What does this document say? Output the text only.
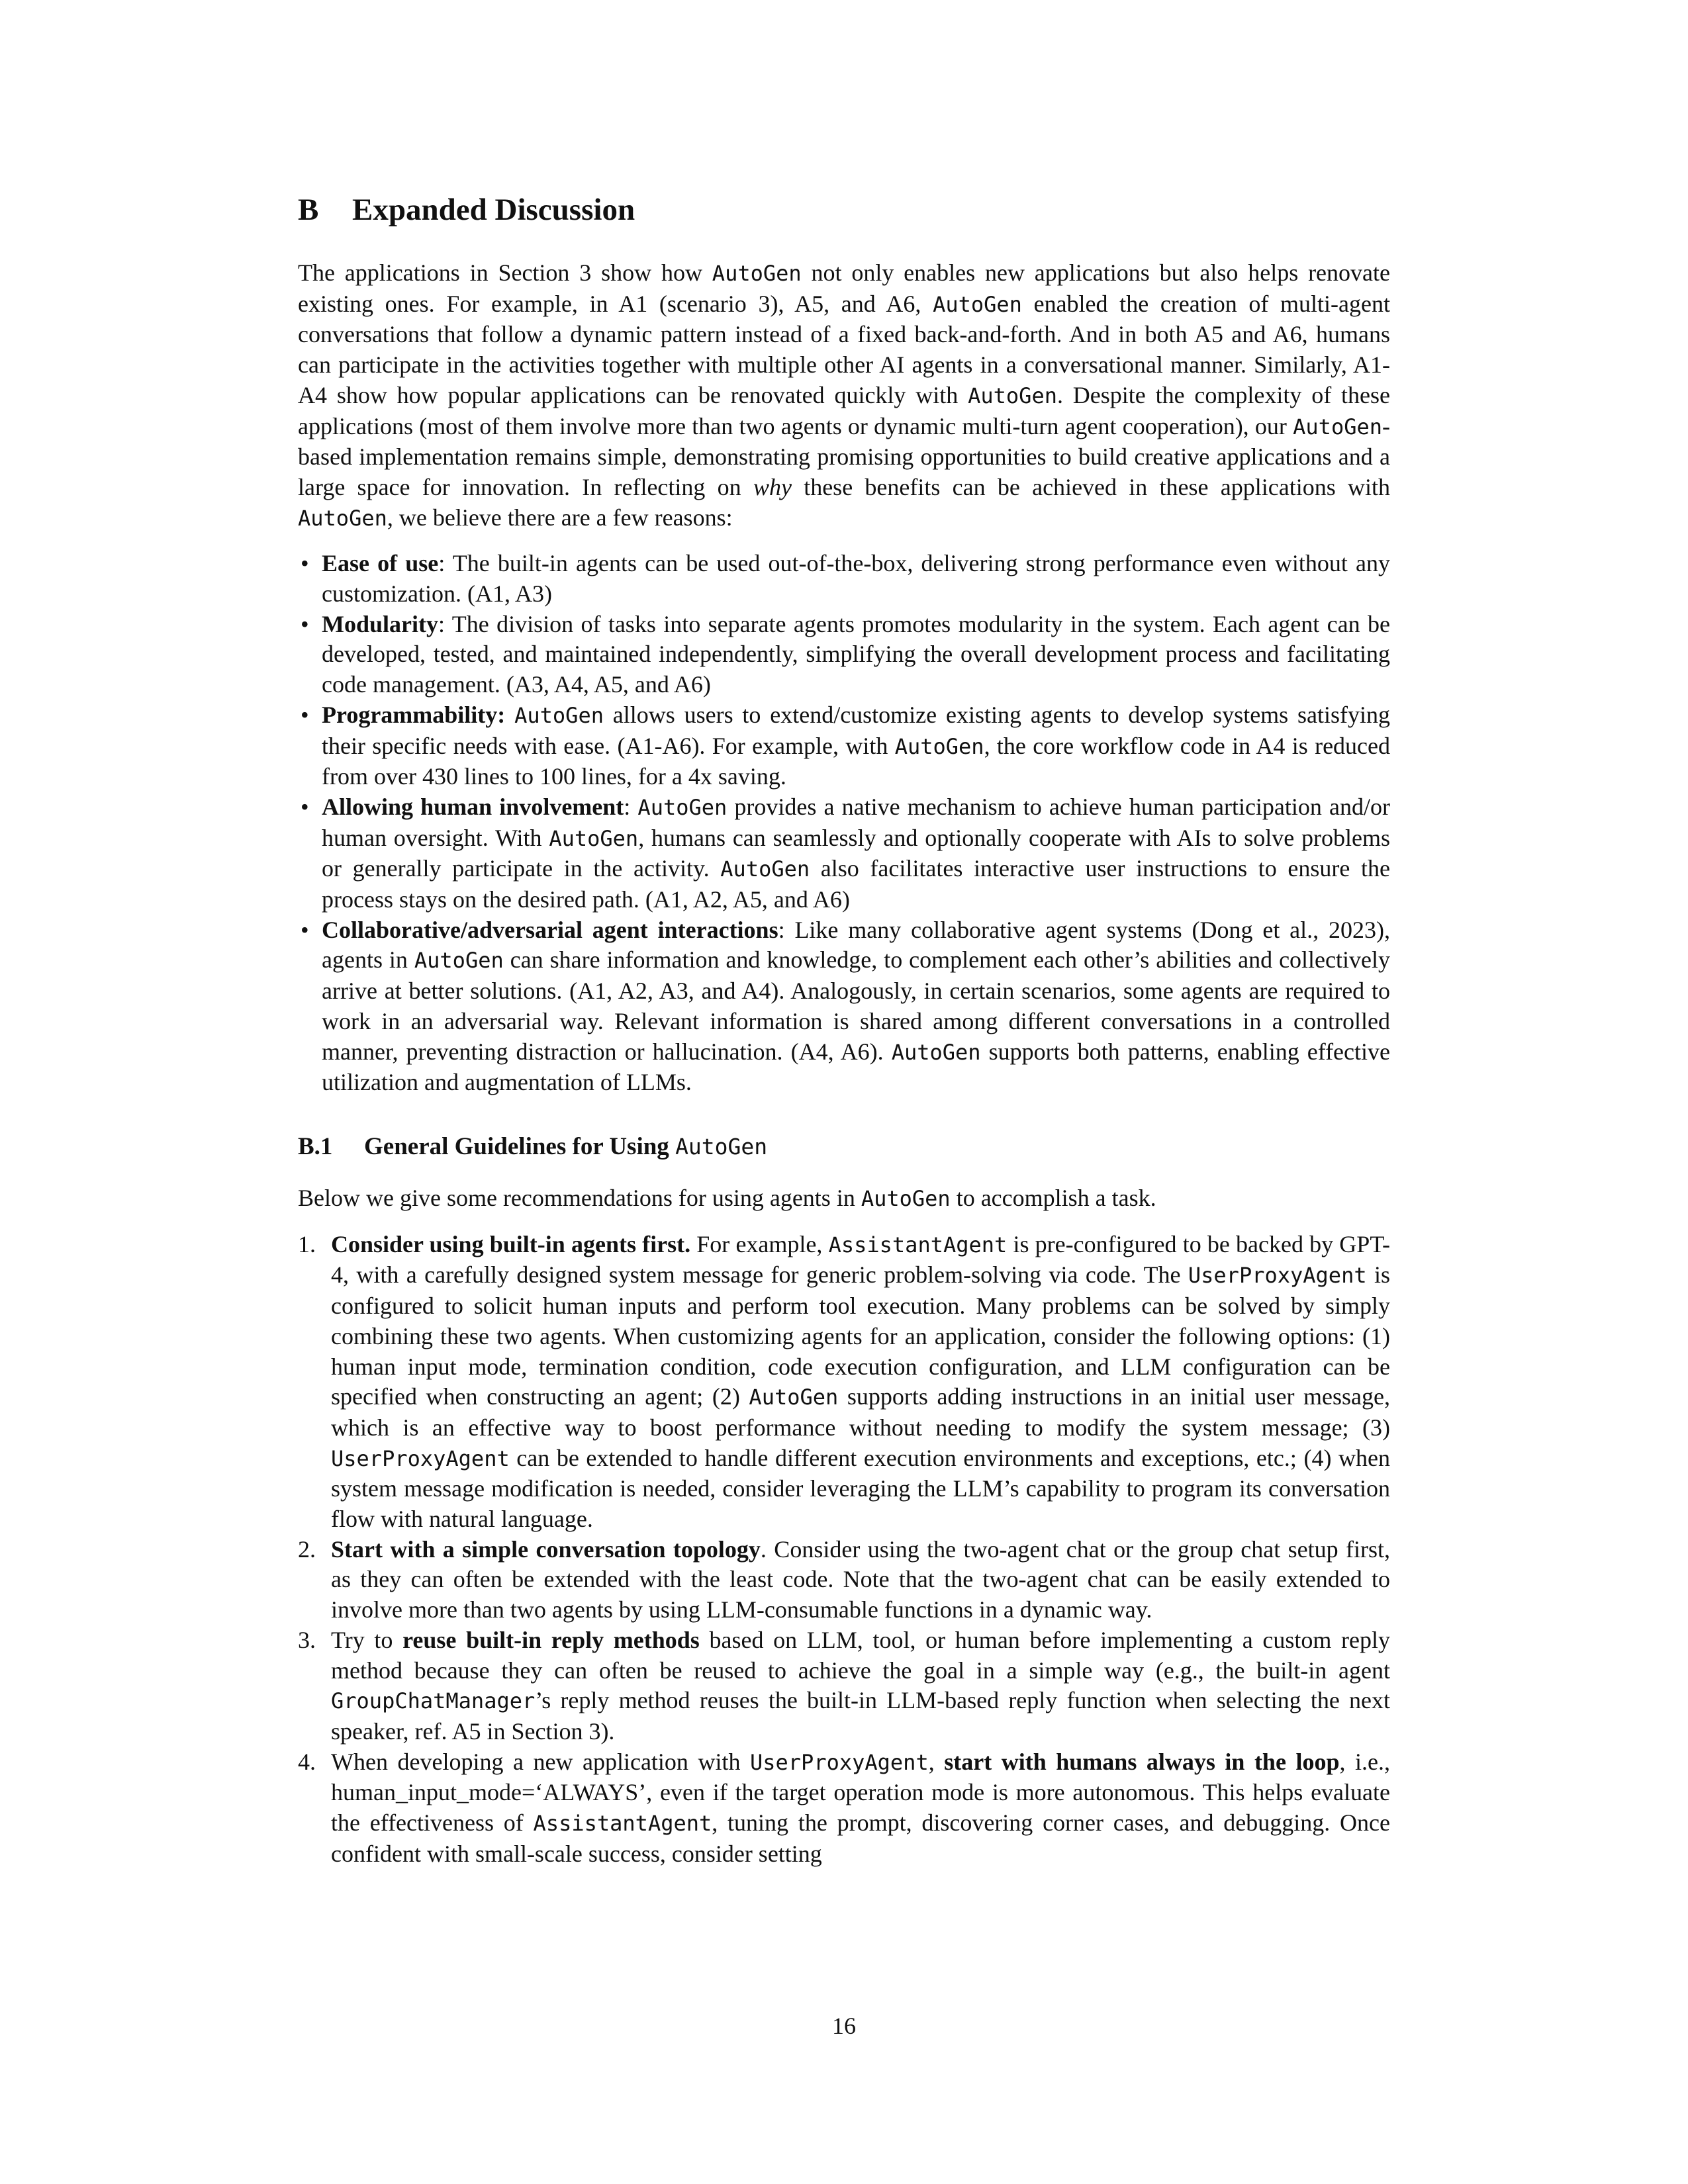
B	Expanded Discussion

The applications in Section 3 show how AutoGen not only enables new applications but also helps renovate existing ones. For example, in A1 (scenario 3), A5, and A6, AutoGen enabled the creation of multi-agent conversations that follow a dynamic pattern instead of a fixed back-and-forth. And in both A5 and A6, humans can participate in the activities together with multiple other AI agents in a conversational manner. Similarly, A1-A4 show how popular applications can be renovated quickly with AutoGen. Despite the complexity of these applications (most of them involve more than two agents or dynamic multi-turn agent cooperation), our AutoGen-based implementation remains simple, demonstrating promising opportunities to build creative applications and a large space for innovation. In reflecting on why these benefits can be achieved in these applications with AutoGen, we believe there are a few reasons:

• Ease of use: The built-in agents can be used out-of-the-box, delivering strong performance even without any customization. (A1, A3)
• Modularity: The division of tasks into separate agents promotes modularity in the system. Each agent can be developed, tested, and maintained independently, simplifying the overall development process and facilitating code management. (A3, A4, A5, and A6)
• Programmability: AutoGen allows users to extend/customize existing agents to develop systems satisfying their specific needs with ease. (A1-A6). For example, with AutoGen, the core workflow code in A4 is reduced from over 430 lines to 100 lines, for a 4x saving.
• Allowing human involvement: AutoGen provides a native mechanism to achieve human participation and/or human oversight. With AutoGen, humans can seamlessly and optionally cooperate with AIs to solve problems or generally participate in the activity. AutoGen also facilitates interactive user instructions to ensure the process stays on the desired path. (A1, A2, A5, and A6)
• Collaborative/adversarial agent interactions: Like many collaborative agent systems (Dong et al., 2023), agents in AutoGen can share information and knowledge, to complement each other’s abilities and collectively arrive at better solutions. (A1, A2, A3, and A4). Analogously, in certain scenarios, some agents are required to work in an adversarial way. Relevant information is shared among different conversations in a controlled manner, preventing distraction or hallucination. (A4, A6). AutoGen supports both patterns, enabling effective utilization and augmentation of LLMs.
B.1	General Guidelines for Using AutoGen

Below we give some recommendations for using agents in AutoGen to accomplish a task.

1. Consider using built-in agents first. For example, AssistantAgent is pre-configured to be backed by GPT-4, with a carefully designed system message for generic problem-solving via code. The UserProxyAgent is configured to solicit human inputs and perform tool execution. Many problems can be solved by simply combining these two agents. When customizing agents for an application, consider the following options: (1) human input mode, termination condition, code execution configuration, and LLM configuration can be specified when constructing an agent; (2) AutoGen supports adding instructions in an initial user message, which is an effective way to boost performance without needing to modify the system message; (3) UserProxyAgent can be extended to handle different execution environments and exceptions, etc.; (4) when system message modification is needed, consider leveraging the LLM’s capability to program its conversation flow with natural language.
2. Start with a simple conversation topology. Consider using the two-agent chat or the group chat setup first, as they can often be extended with the least code. Note that the two-agent chat can be easily extended to involve more than two agents by using LLM-consumable functions in a dynamic way.
3. Try to reuse built-in reply methods based on LLM, tool, or human before implementing a custom reply method because they can often be reused to achieve the goal in a simple way (e.g., the built-in agent GroupChatManager’s reply method reuses the built-in LLM-based reply function when selecting the next speaker, ref. A5 in Section 3).
4. When developing a new application with UserProxyAgent, start with humans always in the loop, i.e., human_input_mode=‘ALWAYS’, even if the target operation mode is more autonomous. This helps evaluate the effectiveness of AssistantAgent, tuning the prompt, discovering corner cases, and debugging. Once confident with small-scale success, consider setting
16
